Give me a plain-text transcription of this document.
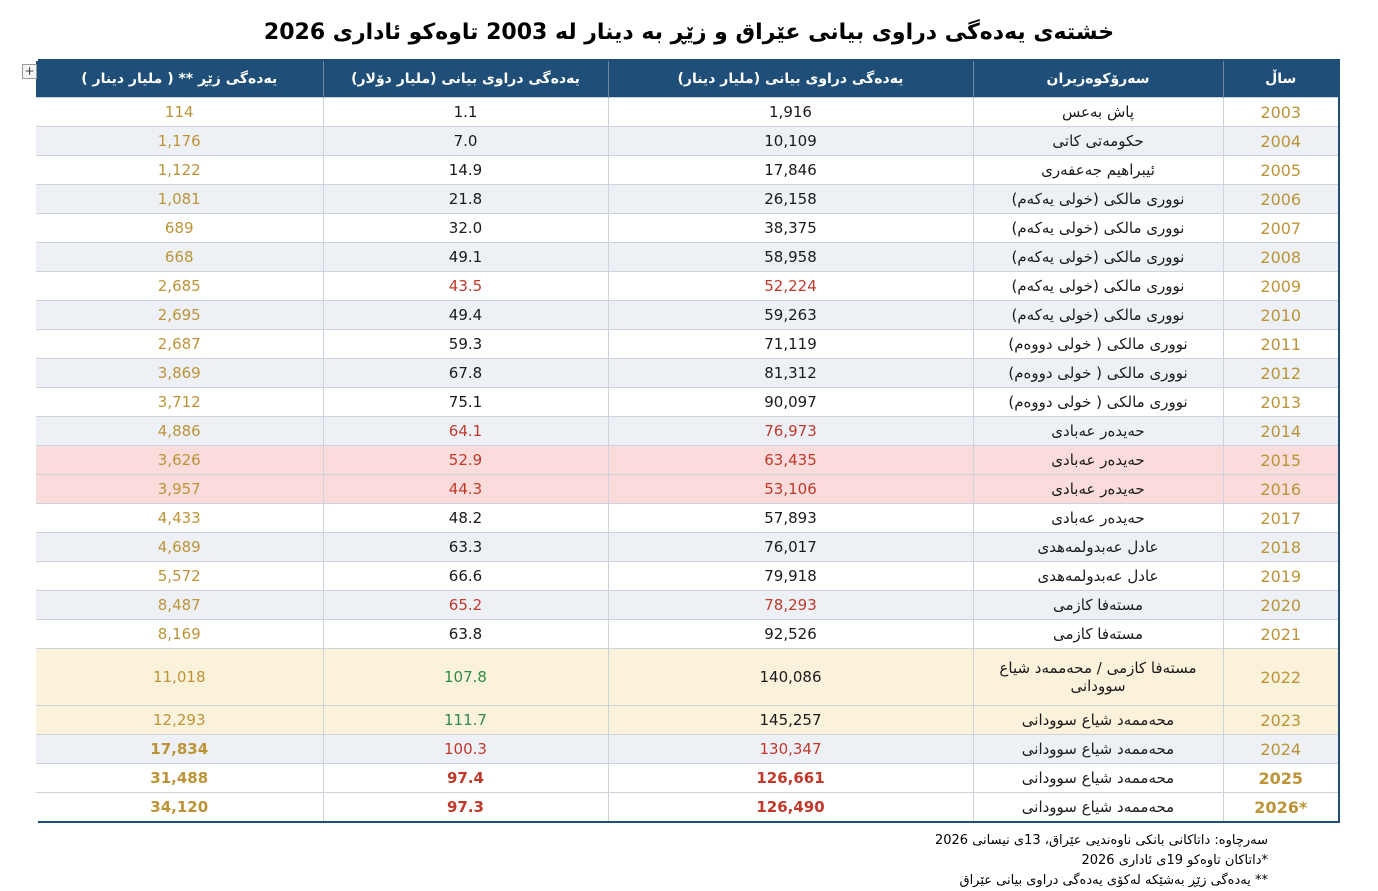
+
خشتەی یەدەگی دراوی بیانی عێراق و زێڕ بە دینار لە 2003 تاوەکو ئاداری 2026
ساڵ	سەرۆکوەزیران	یەدەگی دراوی بیانی (ملیار دینار)	یەدەگی دراوی بیانی (ملیار دۆلار)	یەدەگی زێڕ ** ( ملیار دینار )
2003	پاش بەعس	1,916	1.1	114
2004	حکومەتی کاتی	10,109	7.0	1,176
2005	ئیبراهیم جەعفەری	17,846	14.9	1,122
2006	نووری مالکی (خولی یەکەم)	26,158	21.8	1,081
2007	نووری مالکی (خولی یەکەم)	38,375	32.0	689
2008	نووری مالکی (خولی یەکەم)	58,958	49.1	668
2009	نووری مالکی (خولی یەکەم)	52,224	43.5	2,685
2010	نووری مالکی (خولی یەکەم)	59,263	49.4	2,695
2011	نووری مالکی ( خولی دووەم)	71,119	59.3	2,687
2012	نووری مالکی ( خولی دووەم)	81,312	67.8	3,869
2013	نووری مالکی ( خولی دووەم)	90,097	75.1	3,712
2014	حەیدەر عەبادی	76,973	64.1	4,886
2015	حەیدەر عەبادی	63,435	52.9	3,626
2016	حەیدەر عەبادی	53,106	44.3	3,957
2017	حەیدەر عەبادی	57,893	48.2	4,433
2018	عادل عەبدولمەهدی	76,017	63.3	4,689
2019	عادل عەبدولمەهدی	79,918	66.6	5,572
2020	مستەفا کازمی	78,293	65.2	8,487
2021	مستەفا کازمی	92,526	63.8	8,169
2022	مستەفا کازمی / محەممەد شیاع سوودانی	140,086	107.8	11,018
2023	محەممەد شیاع سوودانی	145,257	111.7	12,293
2024	محەممەد شیاع سوودانی	130,347	100.3	17,834
2025	محەممەد شیاع سوودانی	126,661	97.4	31,488
2026*	محەممەد شیاع سوودانی	126,490	97.3	34,120
سەرچاوە: داتاکانی بانکی ناوەندیی عێراق، 13ی نیسانی 2026
*داتاکان تاوەکو 19ی ئاداری 2026
** یەدەگی زێڕ بەشێکە لەکۆی یەدەگی دراوی بیانی عێراق
